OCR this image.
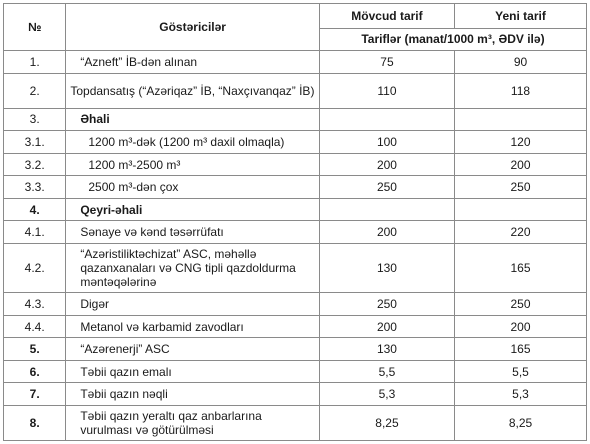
№	Göstəricilər	Mövcud tarif	Yeni tarif
		Tariflər (manat/1000 m³, ƏDV ilə)	
1.	“Azneft” İB-dən alınan	75	90
2.	Topdansatış (“Azəriqaz” İB, “Naxçıvanqaz” İB)	110	118
3.	Əhali		
3.1.	1200 m³-dək (1200 m³ daxil olmaqla)	100	120
3.2.	1200 m³-2500 m³	200	200
3.3.	2500 m³-dən çox	250	250
4.	Qeyri-əhali		
4.1.	Sənaye və kənd təsərrüfatı	200	220
4.2.	“Azəristiliktəchizat” ASC, məhəllə qazanxanaları və CNG tipli qazdoldurma məntəqələrinə	130	165
4.3.	Digər	250	250
4.4.	Metanol və karbamid zavodları	200	200
5.	“Azərenerji” ASC	130	165
6.	Təbii qazın emalı	5,5	5,5
7.	Təbii qazın nəqli	5,3	5,3
8.	Təbii qazın yeraltı qaz anbarlarına vurulması və götürülməsi	8,25	8,25
